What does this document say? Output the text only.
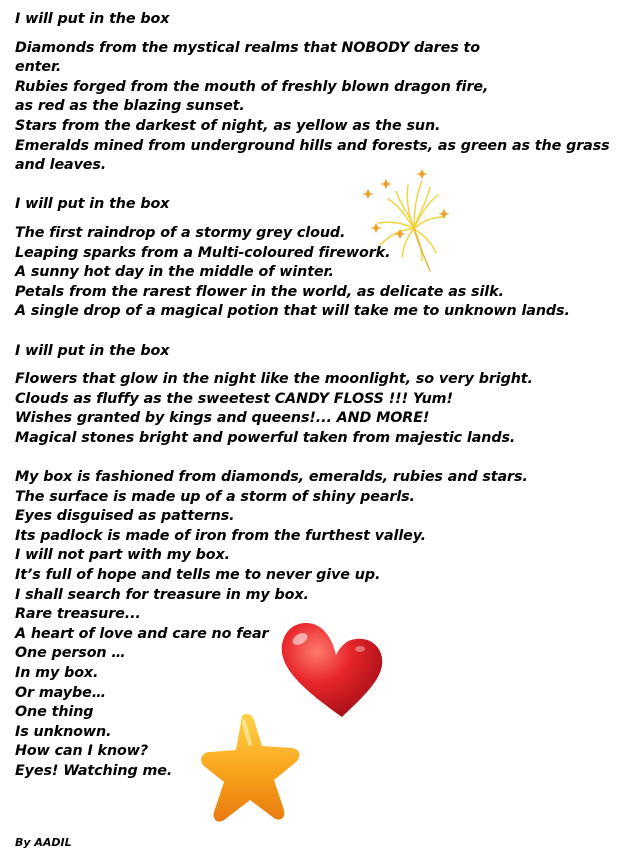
I will put in the box
Diamonds from the mystical realms that NOBODY dares to
enter.
Rubies forged from the mouth of freshly blown dragon fire,
as red as the blazing sunset.
Stars from the darkest of night, as yellow as the sun.
Emeralds mined from underground hills and forests, as green as the grass and leaves.
I will put in the box
The first raindrop of a stormy grey cloud.
Leaping sparks from a Multi-coloured firework.
A sunny hot day in the middle of winter.
Petals from the rarest flower in the world, as delicate as silk.
A single drop of a magical potion that will take me to unknown lands.
I will put in the box
Flowers that glow in the night like the moonlight, so very bright.
Clouds as fluffy as the sweetest CANDY FLOSS !!! Yum!
Wishes granted by kings and queens!... AND MORE!
Magical stones bright and powerful taken from majestic lands.
My box is fashioned from diamonds, emeralds, rubies and stars.
The surface is made up of a storm of shiny pearls.
Eyes disguised as patterns.
Its padlock is made of iron from the furthest valley.
I will not part with my box.
It’s full of hope and tells me to never give up.
I shall search for treasure in my box.
Rare treasure...
A heart of love and care no fear
One person …
In my box.
Or maybe…
One thing
Is unknown.
How can I know?
Eyes! Watching me.
By AADIL
